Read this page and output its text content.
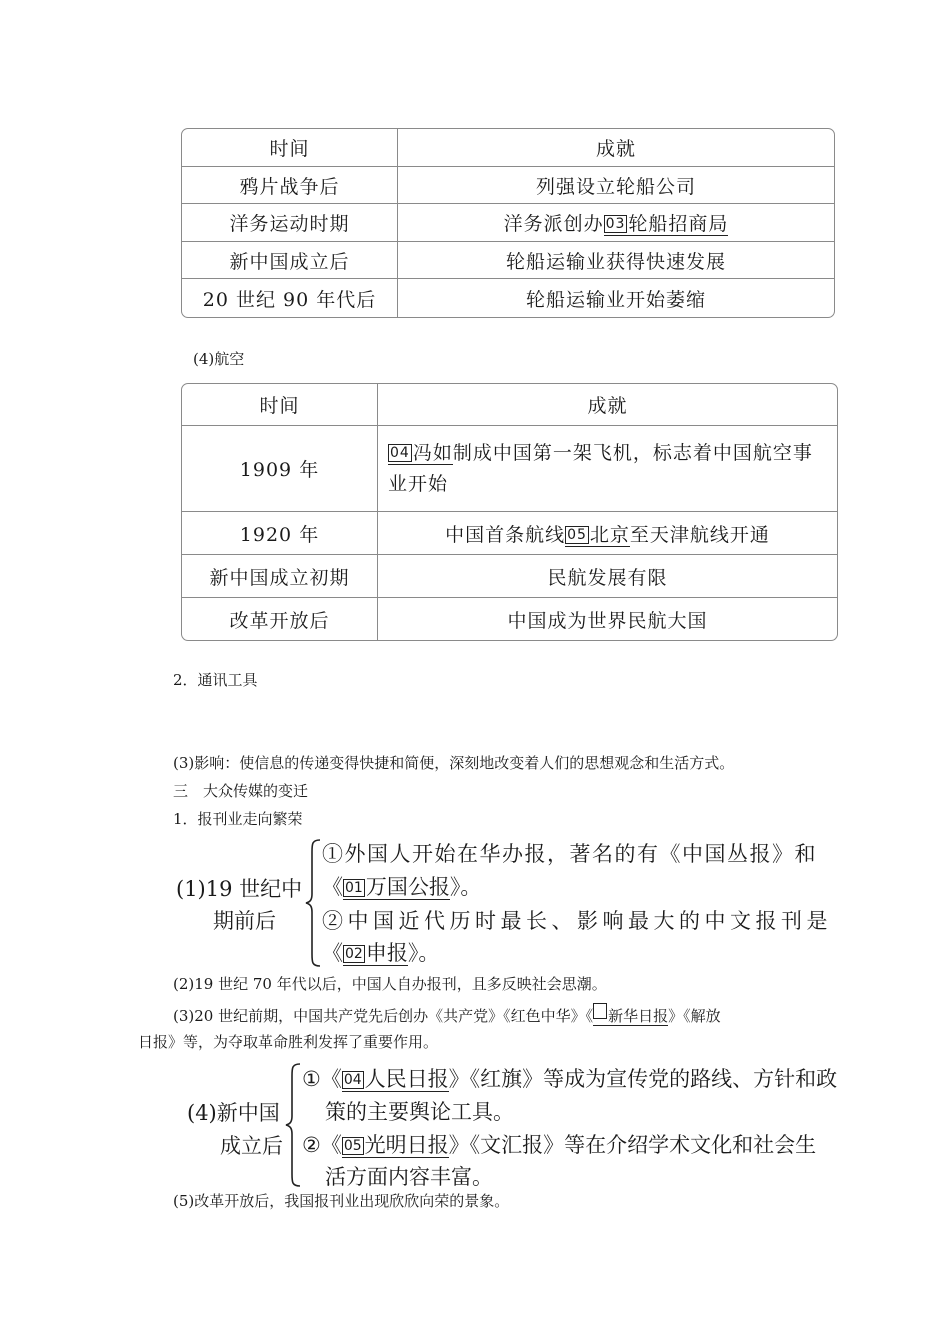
时间	成就
鸦片战争后	列强设立轮船公司
洋务运动时期	洋务派创办 03 轮船招商局
新中国成立后	轮船运输业获得快速发展
20 世纪 90 年代后	轮船运输业开始萎缩

(4)航空

时间	成就
1909 年	04 冯如制成中国第一架飞机，标志着中国航空事业开始
1920 年	中国首条航线 05 北京至天津航线开通
新中国成立初期	民航发展有限
改革开放后	中国成为世界民航大国

2．通讯工具

(3)影响：使信息的传递变得快捷和简便，深刻地改变着人们的思想观念和生活方式。

三　大众传媒的变迁

1．报刊业走向繁荣

(1)19 世纪中
期前后
①外国人开始在华办报，著名的有《中国丛报》和
《 01 万国公报》。
②中国近代历时最长、影响最大的中文报刊是
《 02 申报》。

(2)19 世纪 70 年代以后，中国人自办报刊，且多反映社会思潮。

(3)20 世纪前期，中国共产党先后创办《共产党》《红色中华》《 新华日报》《解放

日报》等，为夺取革命胜利发挥了重要作用。

(4)新中国
成立后
①《 04 人民日报》《红旗》等成为宣传党的路线、方针和政
策的主要舆论工具。
②《 05 光明日报》《文汇报》等在介绍学术文化和社会生
活方面内容丰富。

(5)改革开放后，我国报刊业出现欣欣向荣的景象。
